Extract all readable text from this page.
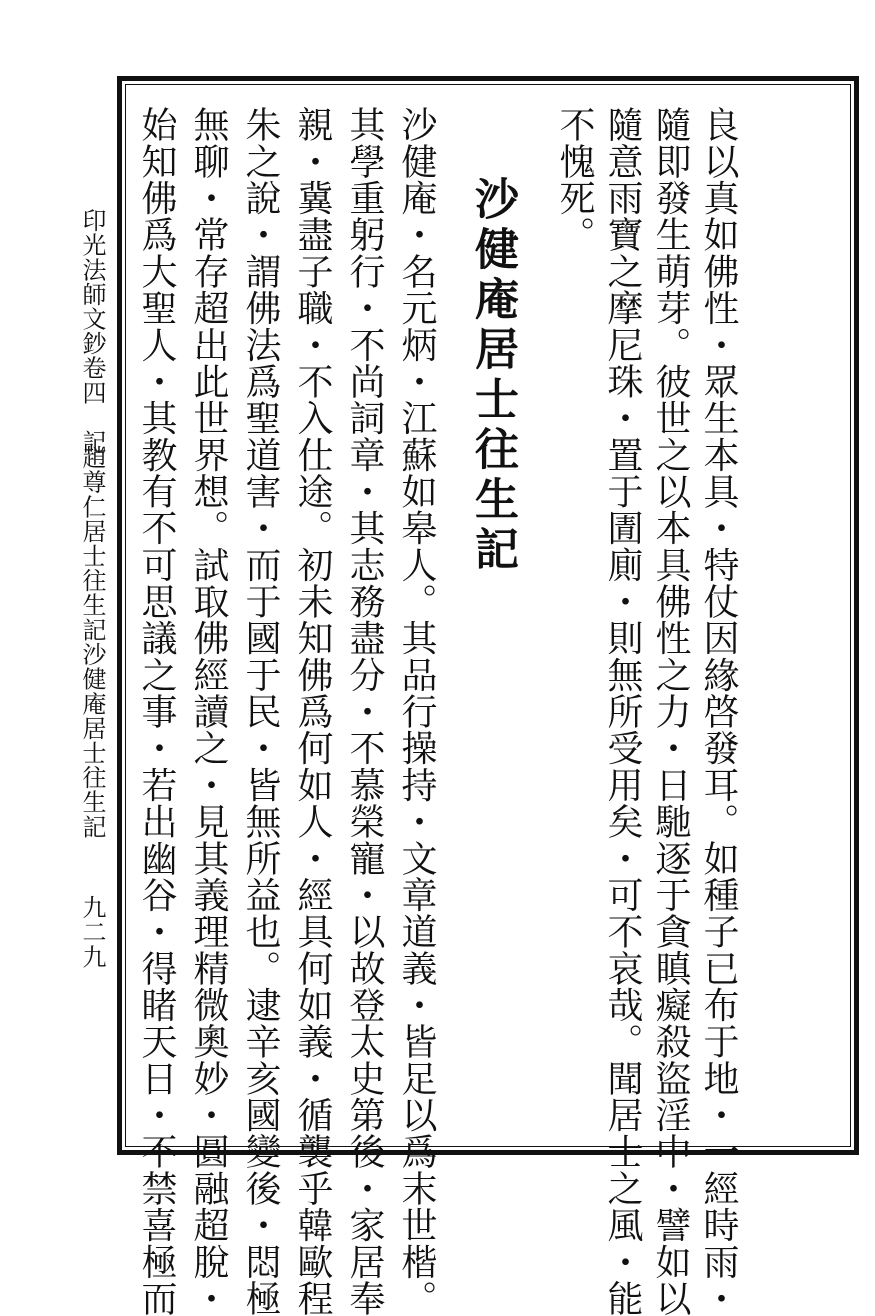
印光法師文鈔卷四　記
趙尊仁居士往生記
沙健庵居士往生記
九二九	良以真如佛性・眾生本具・特仗因緣啓發耳。如種子已布于地・一經時雨・
隨即發生萌芽。彼世之以本具佛性之力・日馳逐于貪瞋癡殺盜淫中・譬如以
隨意雨寶之摩尼珠・置于圊廁・則無所受用矣・可不哀哉。聞居士之風・能
不愧死。
沙健庵居士往生記
沙健庵・名元炳・江蘇如皋人。其品行操持・文章道義・皆足以爲末世楷。
其學重躬行・不尚詞章・其志務盡分・不慕榮寵・以故登太史第後・家居奉
親・冀盡子職・不入仕途。初未知佛爲何如人・經具何如義・循襲乎韓歐程
朱之說・謂佛法爲聖道害・而于國于民・皆無所益也。逮辛亥國變後・悶極
無聊・常存超出此世界想。試取佛經讀之・見其義理精微奧妙・圓融超脫・
始知佛爲大聖人・其教有不可思議之事・若出幽谷・得睹天日・不禁喜極而
